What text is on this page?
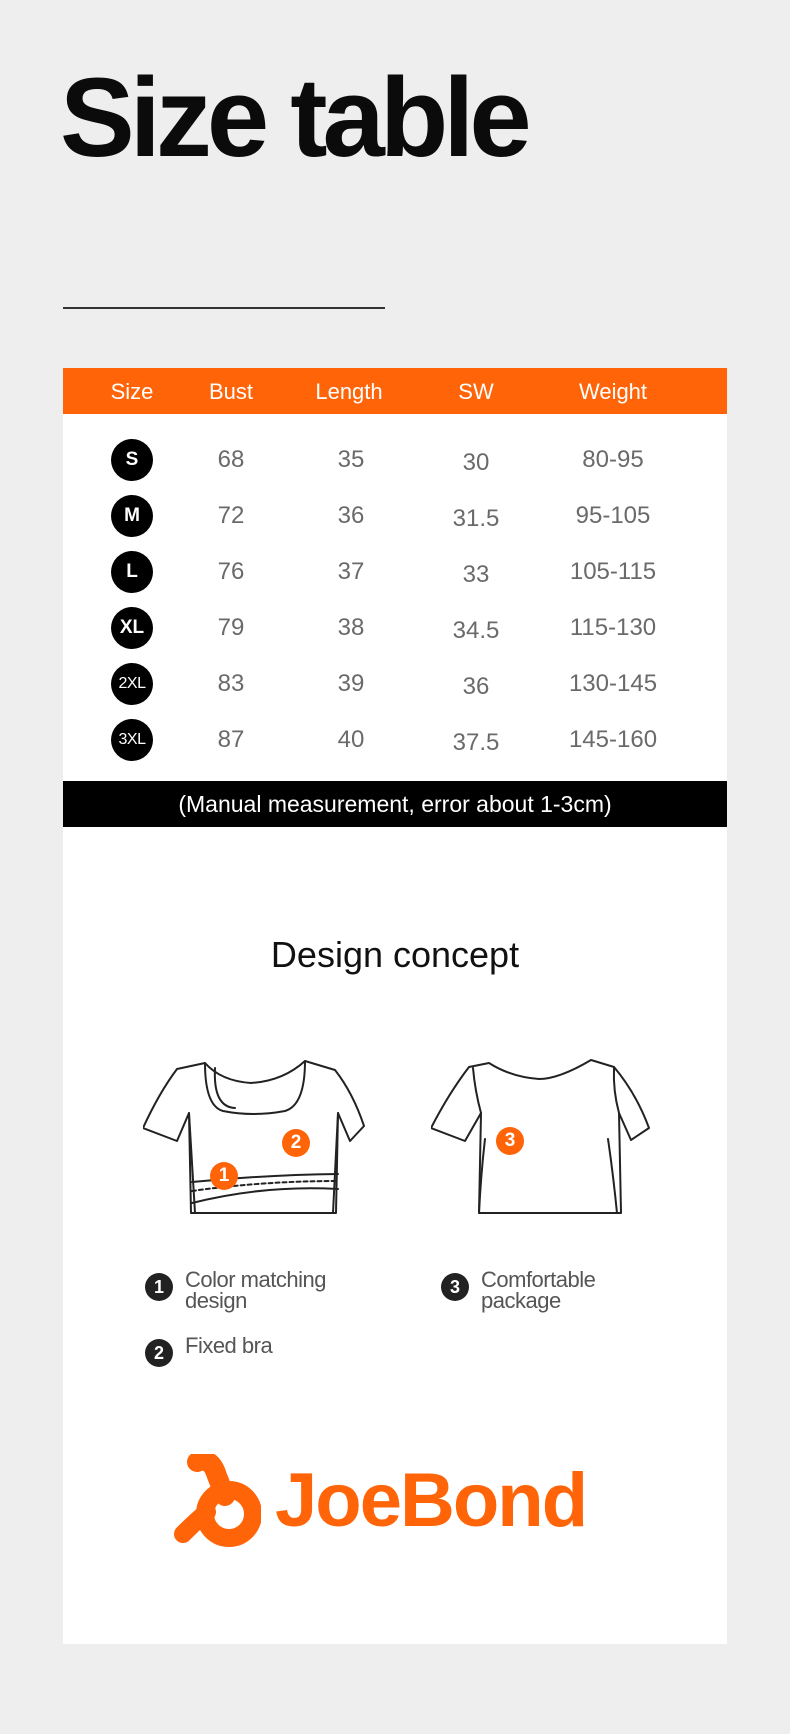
Size table
Size	Bust	Length	SW	Weight
S	68	35	30	80-95
M	72	36	31.5	95-105
L	76	37	33	105-115
XL	79	38	34.5	115-130
2XL	83	39	36	130-145
3XL	87	40	37.5	145-160
(Manual measurement, error about 1-3cm)
Design concept
1
2	3
1 Color matching
design
2 Fixed bra
3 Comfortable
package
JoeBond
